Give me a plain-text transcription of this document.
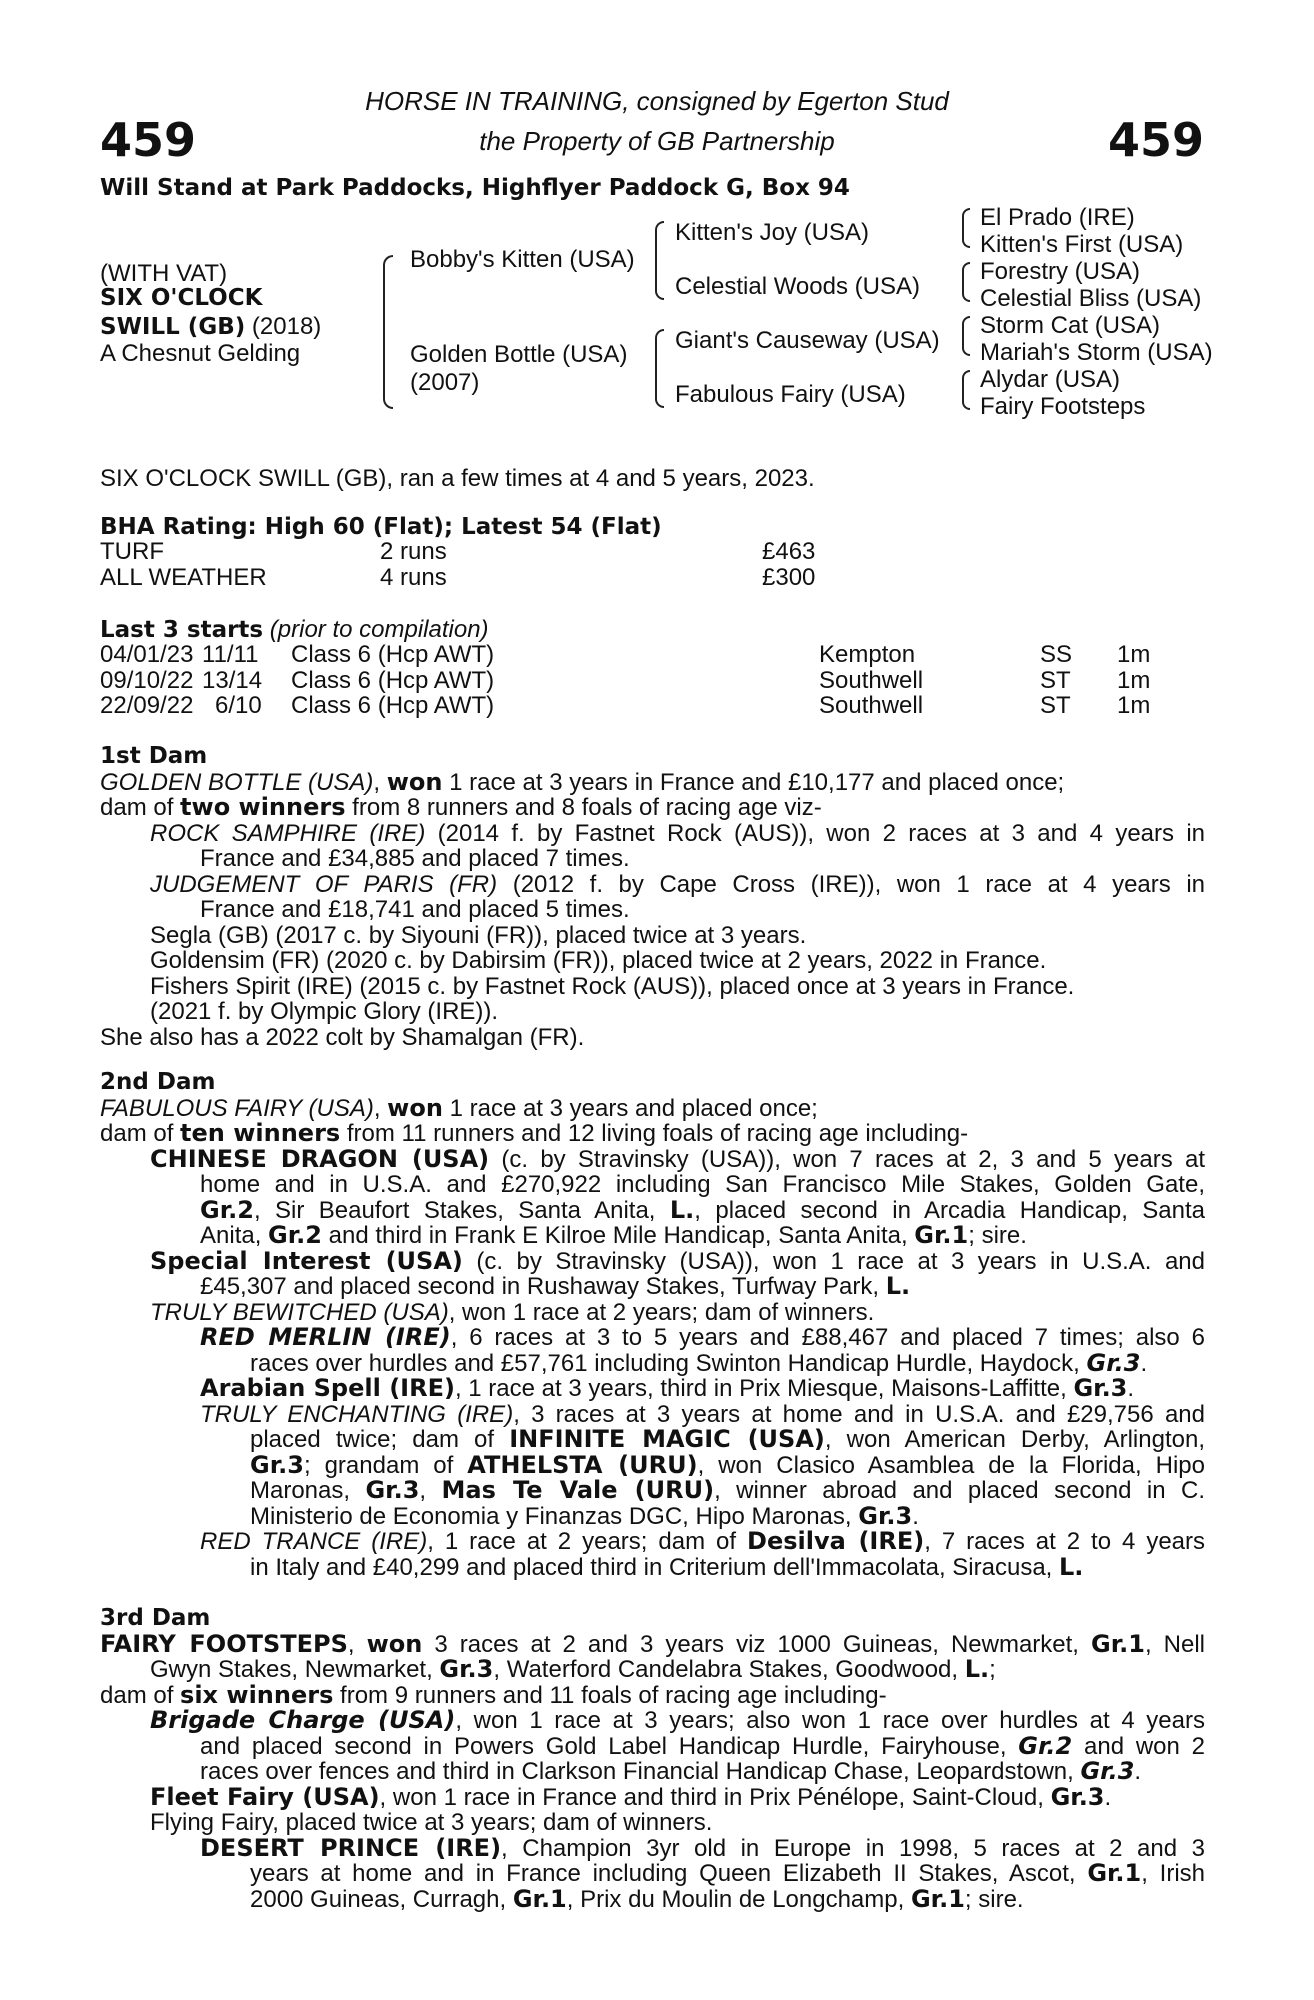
459	459
HORSE IN TRAINING, consigned by Egerton Stud
the Property of GB Partnership
Will Stand at Park Paddocks, Highflyer Paddock G, Box 94
(WITH VAT)
SIX O'CLOCK
SWILL (GB) (2018)
A Chesnut Gelding
Bobby's Kitten (USA)
Golden Bottle (USA)
(2007)
Kitten's Joy (USA)
Celestial Woods (USA)
Giant's Causeway (USA)
Fabulous Fairy (USA)
El Prado (IRE)
Kitten's First (USA)
Forestry (USA)
Celestial Bliss (USA)
Storm Cat (USA)
Mariah's Storm (USA)
Alydar (USA)
Fairy Footsteps
SIX O'CLOCK SWILL (GB), ran a few times at 4 and 5 years, 2023.
BHA Rating: High 60 (Flat); Latest 54 (Flat)
TURF	2 runs	£463
ALL WEATHER	4 runs	£300
Last 3 starts (prior to compilation)
04/01/23 11/11 Class 6 (Hcp AWT)	Kempton	SS 1m
09/10/22 13/14 Class 6 (Hcp AWT)	Southwell	ST 1m
22/09/22 6/10 Class 6 (Hcp AWT)	Southwell	ST 1m
1st Dam
GOLDEN BOTTLE (USA), won 1 race at 3 years in France and £10,177 and placed once;
dam of two winners from 8 runners and 8 foals of racing age viz-
ROCK SAMPHIRE (IRE) (2014 f. by Fastnet Rock (AUS)), won 2 races at 3 and 4 years in
France and £34,885 and placed 7 times.
JUDGEMENT OF PARIS (FR) (2012 f. by Cape Cross (IRE)), won 1 race at 4 years in
France and £18,741 and placed 5 times.
Segla (GB) (2017 c. by Siyouni (FR)), placed twice at 3 years.
Goldensim (FR) (2020 c. by Dabirsim (FR)), placed twice at 2 years, 2022 in France.
Fishers Spirit (IRE) (2015 c. by Fastnet Rock (AUS)), placed once at 3 years in France.
(2021 f. by Olympic Glory (IRE)).
She also has a 2022 colt by Shamalgan (FR).
2nd Dam
FABULOUS FAIRY (USA), won 1 race at 3 years and placed once;
dam of ten winners from 11 runners and 12 living foals of racing age including-
CHINESE DRAGON (USA) (c. by Stravinsky (USA)), won 7 races at 2, 3 and 5 years at
home and in U.S.A. and £270,922 including San Francisco Mile Stakes, Golden Gate,
Gr.2, Sir Beaufort Stakes, Santa Anita, L., placed second in Arcadia Handicap, Santa
Anita, Gr.2 and third in Frank E Kilroe Mile Handicap, Santa Anita, Gr.1; sire.
Special Interest (USA) (c. by Stravinsky (USA)), won 1 race at 3 years in U.S.A. and
£45,307 and placed second in Rushaway Stakes, Turfway Park, L.
TRULY BEWITCHED (USA), won 1 race at 2 years; dam of winners.
RED MERLIN (IRE), 6 races at 3 to 5 years and £88,467 and placed 7 times; also 6
races over hurdles and £57,761 including Swinton Handicap Hurdle, Haydock, Gr.3.
Arabian Spell (IRE), 1 race at 3 years, third in Prix Miesque, Maisons-Laffitte, Gr.3.
TRULY ENCHANTING (IRE), 3 races at 3 years at home and in U.S.A. and £29,756 and
placed twice; dam of INFINITE MAGIC (USA), won American Derby, Arlington,
Gr.3; grandam of ATHELSTA (URU), won Clasico Asamblea de la Florida, Hipo
Maronas, Gr.3, Mas Te Vale (URU), winner abroad and placed second in C.
Ministerio de Economia y Finanzas DGC, Hipo Maronas, Gr.3.
RED TRANCE (IRE), 1 race at 2 years; dam of Desilva (IRE), 7 races at 2 to 4 years
in Italy and £40,299 and placed third in Criterium dell'Immacolata, Siracusa, L.
3rd Dam
FAIRY FOOTSTEPS, won 3 races at 2 and 3 years viz 1000 Guineas, Newmarket, Gr.1, Nell
Gwyn Stakes, Newmarket, Gr.3, Waterford Candelabra Stakes, Goodwood, L.;
dam of six winners from 9 runners and 11 foals of racing age including-
Brigade Charge (USA), won 1 race at 3 years; also won 1 race over hurdles at 4 years
and placed second in Powers Gold Label Handicap Hurdle, Fairyhouse, Gr.2 and won 2
races over fences and third in Clarkson Financial Handicap Chase, Leopardstown, Gr.3.
Fleet Fairy (USA), won 1 race in France and third in Prix Pénélope, Saint-Cloud, Gr.3.
Flying Fairy, placed twice at 3 years; dam of winners.
DESERT PRINCE (IRE), Champion 3yr old in Europe in 1998, 5 races at 2 and 3
years at home and in France including Queen Elizabeth II Stakes, Ascot, Gr.1, Irish
2000 Guineas, Curragh, Gr.1, Prix du Moulin de Longchamp, Gr.1; sire.
